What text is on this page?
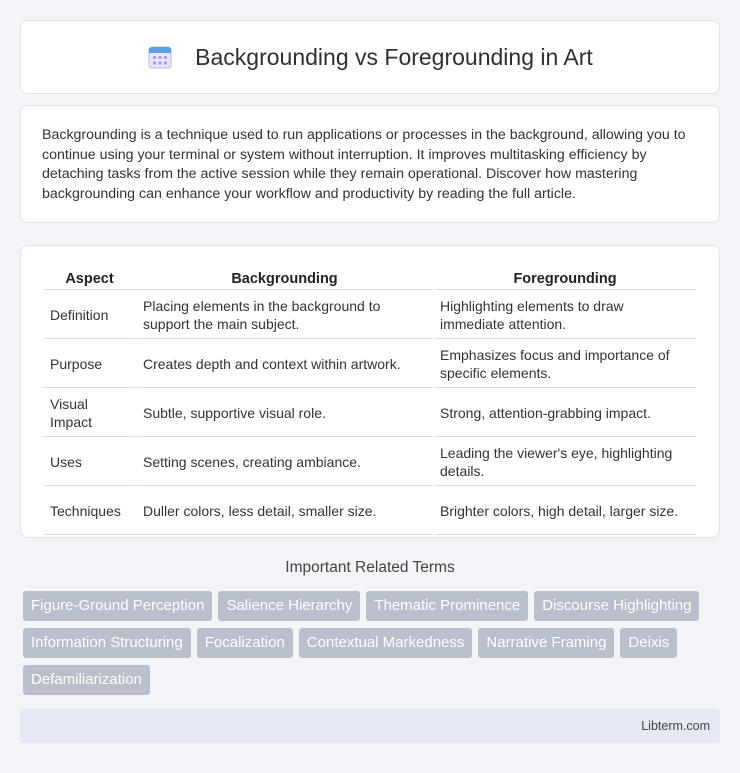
Backgrounding vs Foregrounding in Art

Backgrounding is a technique used to run applications or processes in the background, allowing you to continue using your terminal or system without interruption. It improves multitasking efficiency by detaching tasks from the active session while they remain operational. Discover how mastering backgrounding can enhance your workflow and productivity by reading the full article.

Aspect	Backgrounding	Foregrounding
Definition	Placing elements in the background to support the main subject.	Highlighting elements to draw immediate attention.
Purpose	Creates depth and context within artwork.	Emphasizes focus and importance of specific elements.
Visual Impact	Subtle, supportive visual role.	Strong, attention-grabbing impact.
Uses	Setting scenes, creating ambiance.	Leading the viewer's eye, highlighting details.
Techniques	Duller colors, less detail, smaller size.	Brighter colors, high detail, larger size.
Important Related Terms
Figure-Ground Perception	Salience Hierarchy	Thematic Prominence	Discourse Highlighting
Information Structuring	Focalization	Contextual Markedness	Narrative Framing	Deixis
Defamiliarization
Libterm.com
